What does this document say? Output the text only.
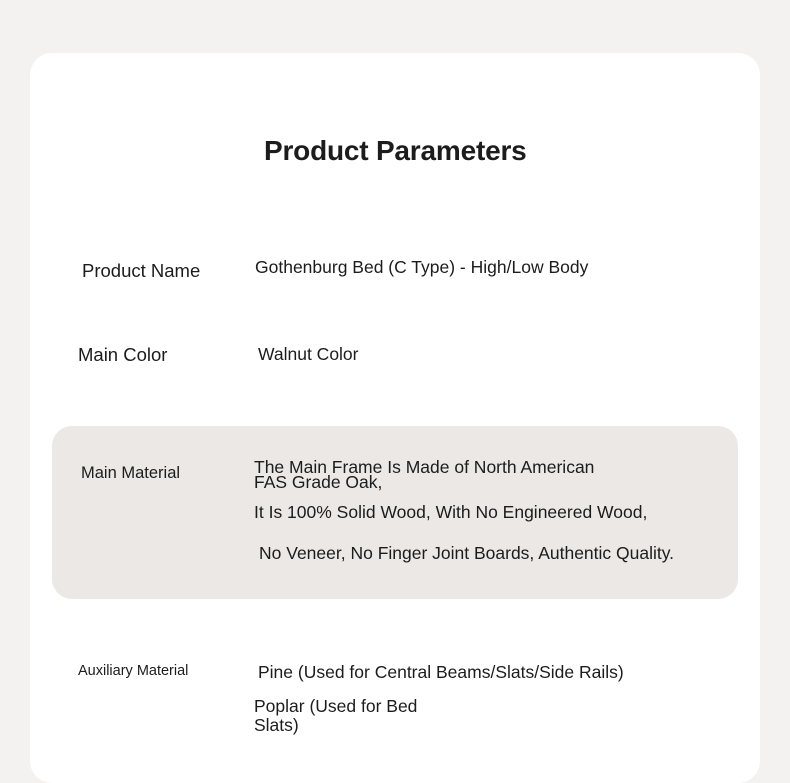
Product Parameters
Product Name	Gothenburg Bed (C Type) - High/Low Body
Main Color	Walnut Color
Main Material	The Main Frame Is Made of North American
FAS Grade Oak,
It Is 100% Solid Wood, With No Engineered Wood,
No Veneer, No Finger Joint Boards, Authentic Quality.
Auxiliary Material	Pine (Used for Central Beams/Slats/Side Rails)
Poplar (Used for Bed
Slats)
